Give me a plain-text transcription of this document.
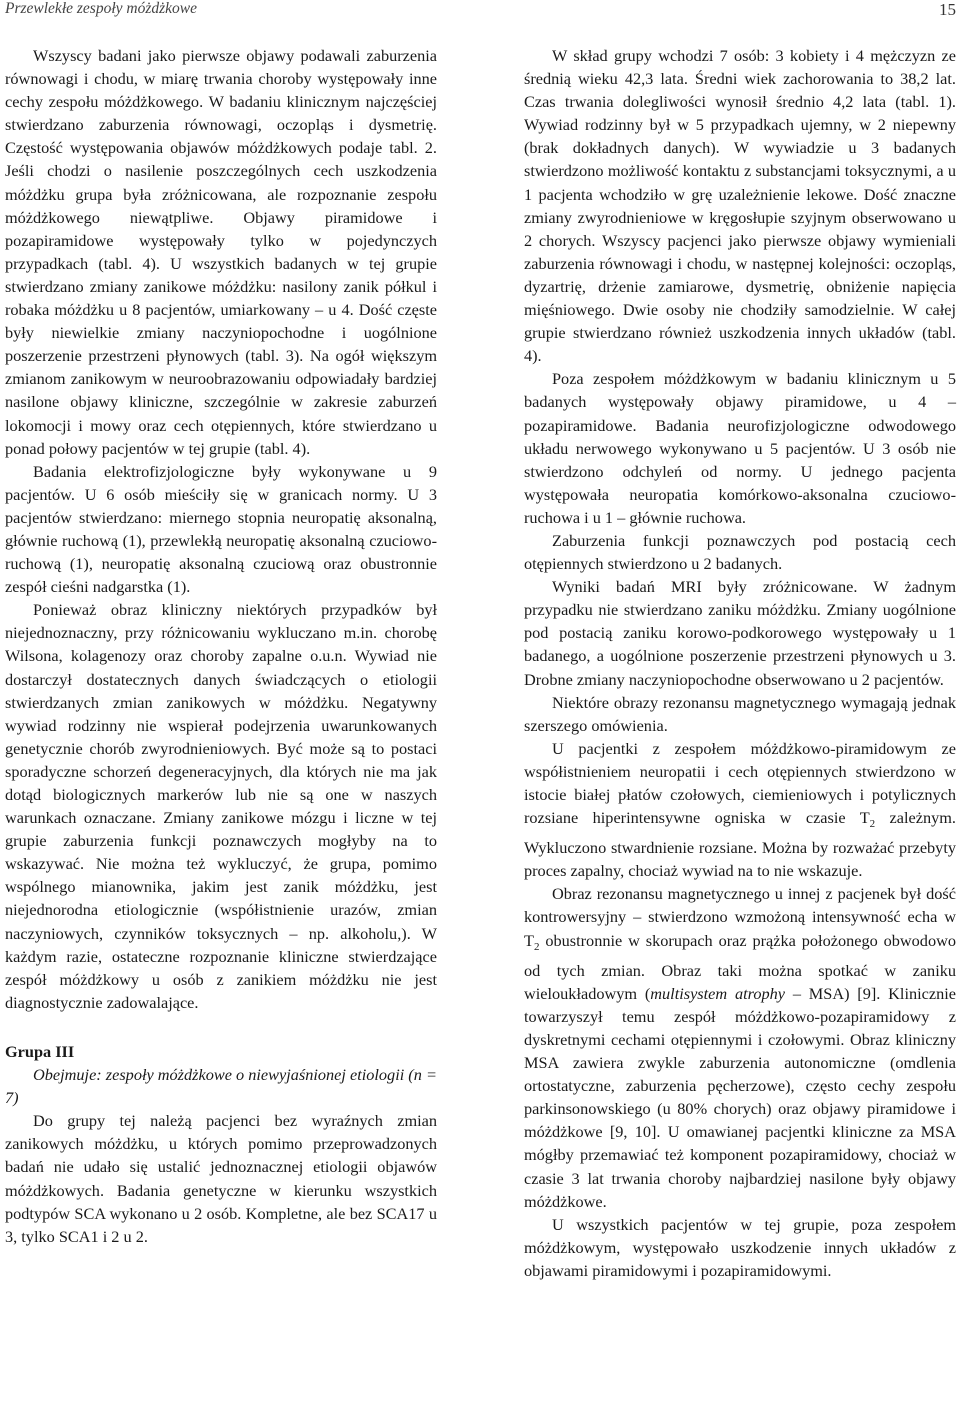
Przewlekłe zespoły móżdżkowe	15

Wszyscy badani jako pierwsze objawy podawali zaburzenia równowagi i chodu, w miarę trwania choroby występowały inne cechy zespołu móżdżkowego. W badaniu klinicznym najczęściej stwierdzano zaburzenia równowagi, oczopląs i dysmetrię. Częstość występowania objawów móżdżkowych podaje tabl. 2. Jeśli chodzi o nasilenie poszczególnych cech uszkodzenia móżdżku grupa była zróżnicowana, ale rozpoznanie zespołu móżdżkowego niewątpliwe. Objawy piramidowe i pozapiramidowe występowały tylko w pojedynczych przypadkach (tabl. 4). U wszystkich badanych w tej grupie stwierdzano zmiany zanikowe móżdżku: nasilony zanik półkul i robaka móżdżku u 8 pacjentów, umiarkowany – u 4. Dość częste były niewielkie zmiany naczyniopochodne i uogólnione poszerzenie przestrzeni płynowych (tabl. 3). Na ogół większym zmianom zanikowym w neuroobrazowaniu odpowiadały bardziej nasilone objawy kliniczne, szczególnie w zakresie zaburzeń lokomocji i mowy oraz cech otępiennych, które stwierdzano u ponad połowy pacjentów w tej grupie (tabl. 4).

Badania elektrofizjologiczne były wykonywane u 9 pacjentów. U 6 osób mieściły się w granicach normy. U 3 pacjentów stwierdzano: miernego stopnia neuropatię aksonalną, głównie ruchową (1), przewlekłą neuropatię aksonalną czuciowo-ruchową (1), neuropatię aksonalną czuciową oraz obustronnie zespół cieśni nadgarstka (1).

Ponieważ obraz kliniczny niektórych przypadków był niejednoznaczny, przy różnicowaniu wykluczano m.in. chorobę Wilsona, kolagenozy oraz choroby zapalne o.u.n. Wywiad nie dostarczył dostatecznych danych świadczących o etiologii stwierdzanych zmian zanikowych w móżdżku. Negatywny wywiad rodzinny nie wspierał podejrzenia uwarunkowanych genetycznie chorób zwyrodnieniowych. Być może są to postaci sporadyczne schorzeń degeneracyjnych, dla których nie ma jak dotąd biologicznych markerów lub nie są one w naszych warunkach oznaczane. Zmiany zanikowe mózgu i liczne w tej grupie zaburzenia funkcji poznawczych mogłyby na to wskazywać. Nie można też wykluczyć, że grupa, pomimo wspólnego mianownika, jakim jest zanik móżdżku, jest niejednorodna etiologicznie (współistnienie urazów, zmian naczyniowych, czynników toksycznych – np. alkoholu,). W każdym razie, ostateczne rozpoznanie kliniczne stwierdzające zespół móżdżkowy u osób z zanikiem móżdżku nie jest diagnostycznie zadowalające.

Grupa III

Obejmuje: zespoły móżdżkowe o niewyjaśnionej etiologii (n = 7)

Do grupy tej należą pacjenci bez wyraźnych zmian zanikowych móżdżku, u których pomimo przeprowadzonych badań nie udało się ustalić jednoznacznej etiologii objawów móżdżkowych. Badania genetyczne w kierunku wszystkich podtypów SCA wykonano u 2 osób. Kompletne, ale bez SCA17 u 3, tylko SCA1 i 2 u 2.

W skład grupy wchodzi 7 osób: 3 kobiety i 4 mężczyzn ze średnią wieku 42,3 lata. Średni wiek zachorowania to 38,2 lat. Czas trwania dolegliwości wynosił średnio 4,2 lata (tabl. 1). Wywiad rodzinny był w 5 przypadkach ujemny, w 2 niepewny (brak dokładnych danych). W wywiadzie u 3 badanych stwierdzono możliwość kontaktu z substancjami toksycznymi, a u 1 pacjenta wchodziło w grę uzależnienie lekowe. Dość znaczne zmiany zwyrodnieniowe w kręgosłupie szyjnym obserwowano u 2 chorych. Wszyscy pacjenci jako pierwsze objawy wymieniali zaburzenia równowagi i chodu, w następnej kolejności: oczopląs, dyzartrię, drżenie zamiarowe, dysmetrię, obniżenie napięcia mięśniowego. Dwie osoby nie chodziły samodzielnie. W całej grupie stwierdzano również uszkodzenia innych układów (tabl. 4).

Poza zespołem móżdżkowym w badaniu klinicznym u 5 badanych występowały objawy piramidowe, u 4 – pozapiramidowe. Badania neurofizjologiczne odwodowego układu nerwowego wykonywano u 5 pacjentów. U 3 osób nie stwierdzono odchyleń od normy. U jednego pacjenta występowała neuropatia komórkowo-aksonalna czuciowo-ruchowa i u 1 – głównie ruchowa.

Zaburzenia funkcji poznawczych pod postacią cech otępiennych stwierdzono u 2 badanych.

Wyniki badań MRI były zróżnicowane. W żadnym przypadku nie stwierdzano zaniku móżdżku. Zmiany uogólnione pod postacią zaniku korowo-podkorowego występowały u 1 badanego, a uogólnione poszerzenie przestrzeni płynowych u 3. Drobne zmiany naczyniopochodne obserwowano u 2 pacjentów.

Niektóre obrazy rezonansu magnetycznego wymagają jednak szerszego omówienia.

U pacjentki z zespołem móżdżkowo-piramidowym ze współistnieniem neuropatii i cech otępiennych stwierdzono w istocie białej płatów czołowych, ciemieniowych i potylicznych rozsiane hiperintensywne ogniska w czasie $T_2$ zależnym. Wykluczono stwardnienie rozsiane. Można by rozważać przebyty proces zapalny, chociaż wywiad na to nie wskazuje.

Obraz rezonansu magnetycznego u innej z pacjenek był dość kontrowersyjny – stwierdzono wzmożoną intensywność echa w $T_2$ obustronnie w skorupach oraz prążka położonego obwodowo od tych zmian. Obraz taki można spotkać w zaniku wieloukładowym (multisystem atrophy – MSA) [9]. Klinicznie towarzyszył temu zespół móżdżkowo-pozapiramidowy z dyskretnymi cechami otępiennymi i czołowymi. Obraz kliniczny MSA zawiera zwykle zaburzenia autonomiczne (omdlenia ortostatyczne, zaburzenia pęcherzowe), często cechy zespołu parkinsonowskiego (u 80% chorych) oraz objawy piramidowe i móżdżkowe [9, 10]. U omawianej pacjentki kliniczne za MSA mógłby przemawiać też komponent pozapiramidowy, chociaż w czasie 3 lat trwania choroby najbardziej nasilone były objawy móżdżkowe.

U wszystkich pacjentów w tej grupie, poza zespołem móżdżkowym, występowało uszkodzenie innych układów z objawami piramidowymi i pozapiramidowymi.
